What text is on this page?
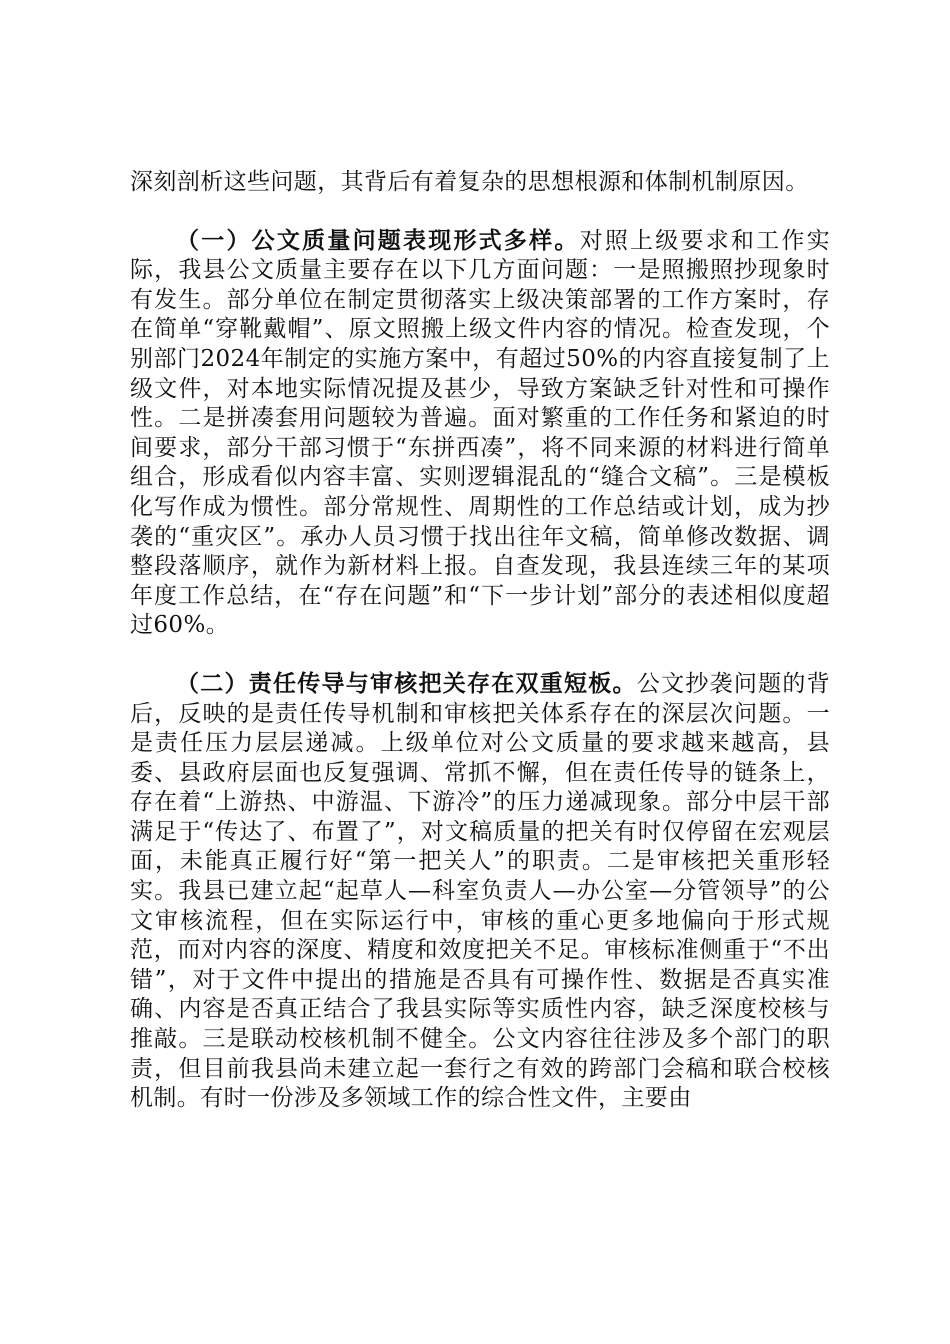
深刻剖析这些问题，其背后有着复杂的思想根源和体制机制原因。

（一）公文质量问题表现形式多样。对照上级要求和工作实际，我县公文质量主要存在以下几方面问题：一是照搬照抄现象时有发生。部分单位在制定贯彻落实上级决策部署的工作方案时，存在简单“穿靴戴帽”、原文照搬上级文件内容的情况。检查发现，个别部门2024年制定的实施方案中，有超过50%的内容直接复制了上级文件，对本地实际情况提及甚少，导致方案缺乏针对性和可操作性。二是拼凑套用问题较为普遍。面对繁重的工作任务和紧迫的时间要求，部分干部习惯于“东拼西凑”，将不同来源的材料进行简单组合，形成看似内容丰富、实则逻辑混乱的“缝合文稿”。三是模板化写作成为惯性。部分常规性、周期性的工作总结或计划，成为抄袭的“重灾区”。承办人员习惯于找出往年文稿，简单修改数据、调整段落顺序，就作为新材料上报。自查发现，我县连续三年的某项年度工作总结，在“存在问题”和“下一步计划”部分的表述相似度超过60%。

（二）责任传导与审核把关存在双重短板。公文抄袭问题的背后，反映的是责任传导机制和审核把关体系存在的深层次问题。一是责任压力层层递减。上级单位对公文质量的要求越来越高，县委、县政府层面也反复强调、常抓不懈，但在责任传导的链条上，存在着“上游热、中游温、下游冷”的压力递减现象。部分中层干部满足于“传达了、布置了”，对文稿质量的把关有时仅停留在宏观层面，未能真正履行好“第一把关人”的职责。二是审核把关重形轻实。我县已建立起“起草人—科室负责人—办公室—分管领导”的公文审核流程，但在实际运行中，审核的重心更多地偏向于形式规范，而对内容的深度、精度和效度把关不足。审核标准侧重于“不出错”，对于文件中提出的措施是否具有可操作性、数据是否真实准确、内容是否真正结合了我县实际等实质性内容，缺乏深度校核与推敲。三是联动校核机制不健全。公文内容往往涉及多个部门的职责，但目前我县尚未建立起一套行之有效的跨部门会稿和联合校核机制。有时一份涉及多领域工作的综合性文件，主要由
